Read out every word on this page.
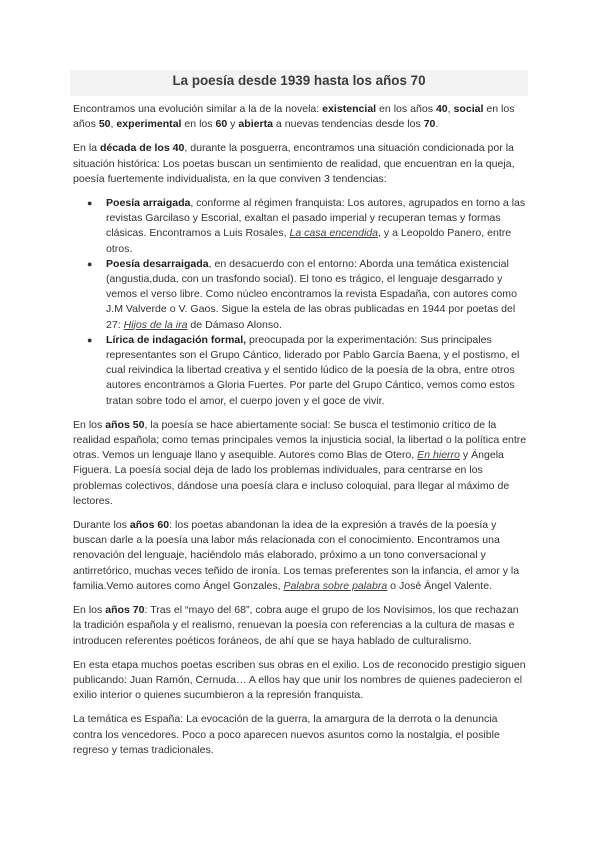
La poesía desde 1939 hasta los años 70

Encontramos una evolución similar a la de la novela: existencial en los años 40, social en los años 50, experimental en los 60 y abierta a nuevas tendencias desde los 70.

En la década de los 40, durante la posguerra, encontramos una situación condicionada por la situación histórica: Los poetas buscan un sentimiento de realidad, que encuentran en la queja, poesía fuertemente individualista, en la que conviven 3 tendencias:

● Poesía arraigada, conforme al régimen franquista: Los autores, agrupados en torno a las revistas Garcilaso y Escorial, exaltan el pasado imperial y recuperan temas y formas clásicas. Encontramos a Luis Rosales, La casa encendida, y a Leopoldo Panero, entre otros.
● Poesía desarraigada, en desacuerdo con el entorno: Aborda una temática existencial (angustia,duda, con un trasfondo social). El tono es trágico, el lenguaje desgarrado y vemos el verso libre. Como núcleo encontramos la revista Espadaña, con autores como J.M Valverde o V. Gaos. Sigue la estela de las obras publicadas en 1944 por poetas del 27: Hijos de la ira de Dámaso Alonso.
● Lírica de indagación formal, preocupada por la experimentación: Sus principales representantes son el Grupo Cántico, liderado por Pablo García Baena, y el postismo, el cual reivindica la libertad creativa y el sentido lúdico de la poesía de la obra, entre otros autores encontramos a Gloria Fuertes. Por parte del Grupo Cántico, vemos como estos tratan sobre todo el amor, el cuerpo joven y el goce de vivir.

En los años 50, la poesía se hace abiertamente social: Se busca el testimonio crítico de la realidad española; como temas principales vemos la injusticia social, la libertad o la política entre otras. Vemos un lenguaje llano y asequible. Autores como Blas de Otero, En hierro y Ángela Figuera. La poesía social deja de lado los problemas individuales, para centrarse en los problemas colectivos, dándose una poesía clara e incluso coloquial, para llegar al máximo de lectores.

Durante los años 60: los poetas abandonan la idea de la expresión a través de la poesía y buscan darle a la poesía una labor más relacionada con el conocimiento. Encontramos una renovación del lenguaje, haciéndolo más elaborado, próximo a un tono conversacional y antirretórico, muchas veces teñido de ironía. Los temas preferentes son la infancia, el amor y la familia.Vemo autores como Ángel Gonzales, Palabra sobre palabra o José Ángel Valente.

En los años 70: Tras el “mayo del 68”, cobra auge el grupo de los Novísimos, los que rechazan la tradición española y el realismo, renuevan la poesía con referencias a la cultura de masas e introducen referentes poéticos foráneos, de ahí que se haya hablado de culturalismo.

En esta etapa muchos poetas escriben sus obras en el exilio. Los de reconocido prestigio siguen publicando: Juan Ramón, Cernuda… A ellos hay que unir los nombres de quienes padecieron el exilio interior o quienes sucumbieron a la represión franquista.

La temática es España: La evocación de la guerra, la amargura de la derrota o la denuncia contra los vencedores. Poco a poco aparecen nuevos asuntos como la nostalgia, el posible regreso y temas tradicionales.
